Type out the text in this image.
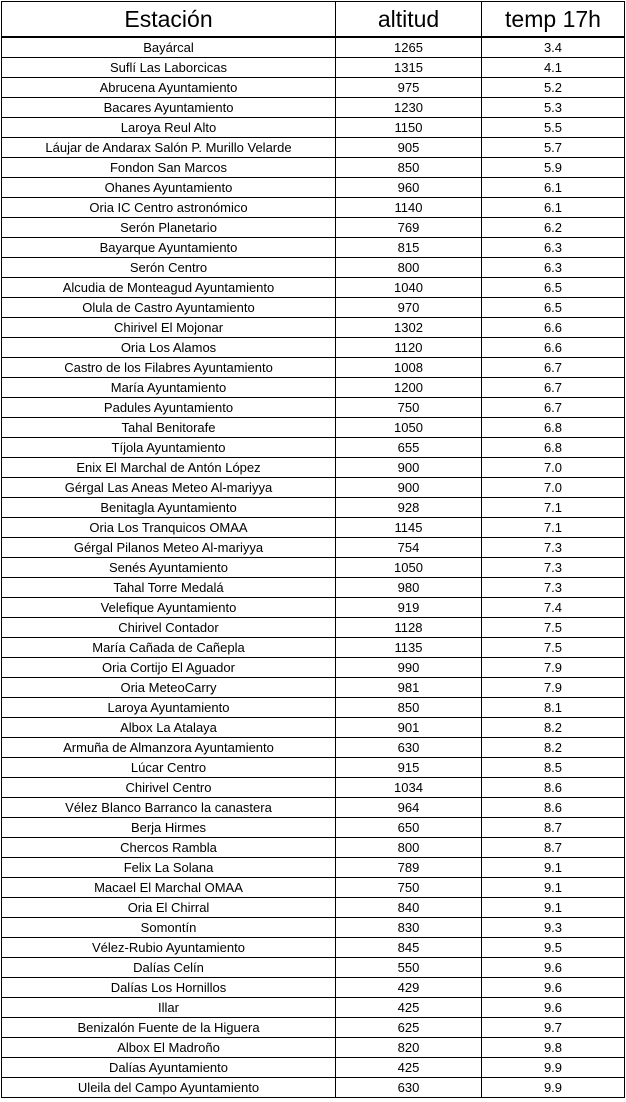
Estación	altitud	temp 17h
Bayárcal	1265	3.4
Suflí Las Laborcicas	1315	4.1
Abrucena Ayuntamiento	975	5.2
Bacares Ayuntamiento	1230	5.3
Laroya Reul Alto	1150	5.5
Láujar de Andarax Salón P. Murillo Velarde	905	5.7
Fondon San Marcos	850	5.9
Ohanes Ayuntamiento	960	6.1
Oria IC Centro astronómico	1140	6.1
Serón Planetario	769	6.2
Bayarque Ayuntamiento	815	6.3
Serón Centro	800	6.3
Alcudia de Monteagud Ayuntamiento	1040	6.5
Olula de Castro Ayuntamiento	970	6.5
Chirivel El Mojonar	1302	6.6
Oria Los Alamos	1120	6.6
Castro de los Filabres Ayuntamiento	1008	6.7
María Ayuntamiento	1200	6.7
Padules Ayuntamiento	750	6.7
Tahal Benitorafe	1050	6.8
Tíjola Ayuntamiento	655	6.8
Enix El Marchal de Antón López	900	7.0
Gérgal Las Aneas Meteo Al-mariyya	900	7.0
Benitagla Ayuntamiento	928	7.1
Oria Los Tranquicos OMAA	1145	7.1
Gérgal Pilanos Meteo Al-mariyya	754	7.3
Senés Ayuntamiento	1050	7.3
Tahal Torre Medalá	980	7.3
Velefique Ayuntamiento	919	7.4
Chirivel Contador	1128	7.5
María Cañada de Cañepla	1135	7.5
Oria Cortijo El Aguador	990	7.9
Oria MeteoCarry	981	7.9
Laroya Ayuntamiento	850	8.1
Albox La Atalaya	901	8.2
Armuña de Almanzora Ayuntamiento	630	8.2
Lúcar Centro	915	8.5
Chirivel Centro	1034	8.6
Vélez Blanco Barranco la canastera	964	8.6
Berja Hirmes	650	8.7
Chercos Rambla	800	8.7
Felix La Solana	789	9.1
Macael El Marchal OMAA	750	9.1
Oria El Chirral	840	9.1
Somontín	830	9.3
Vélez-Rubio Ayuntamiento	845	9.5
Dalías Celín	550	9.6
Dalías Los Hornillos	429	9.6
Illar	425	9.6
Benizalón Fuente de la Higuera	625	9.7
Albox El Madroño	820	9.8
Dalías Ayuntamiento	425	9.9
Uleila del Campo Ayuntamiento	630	9.9
